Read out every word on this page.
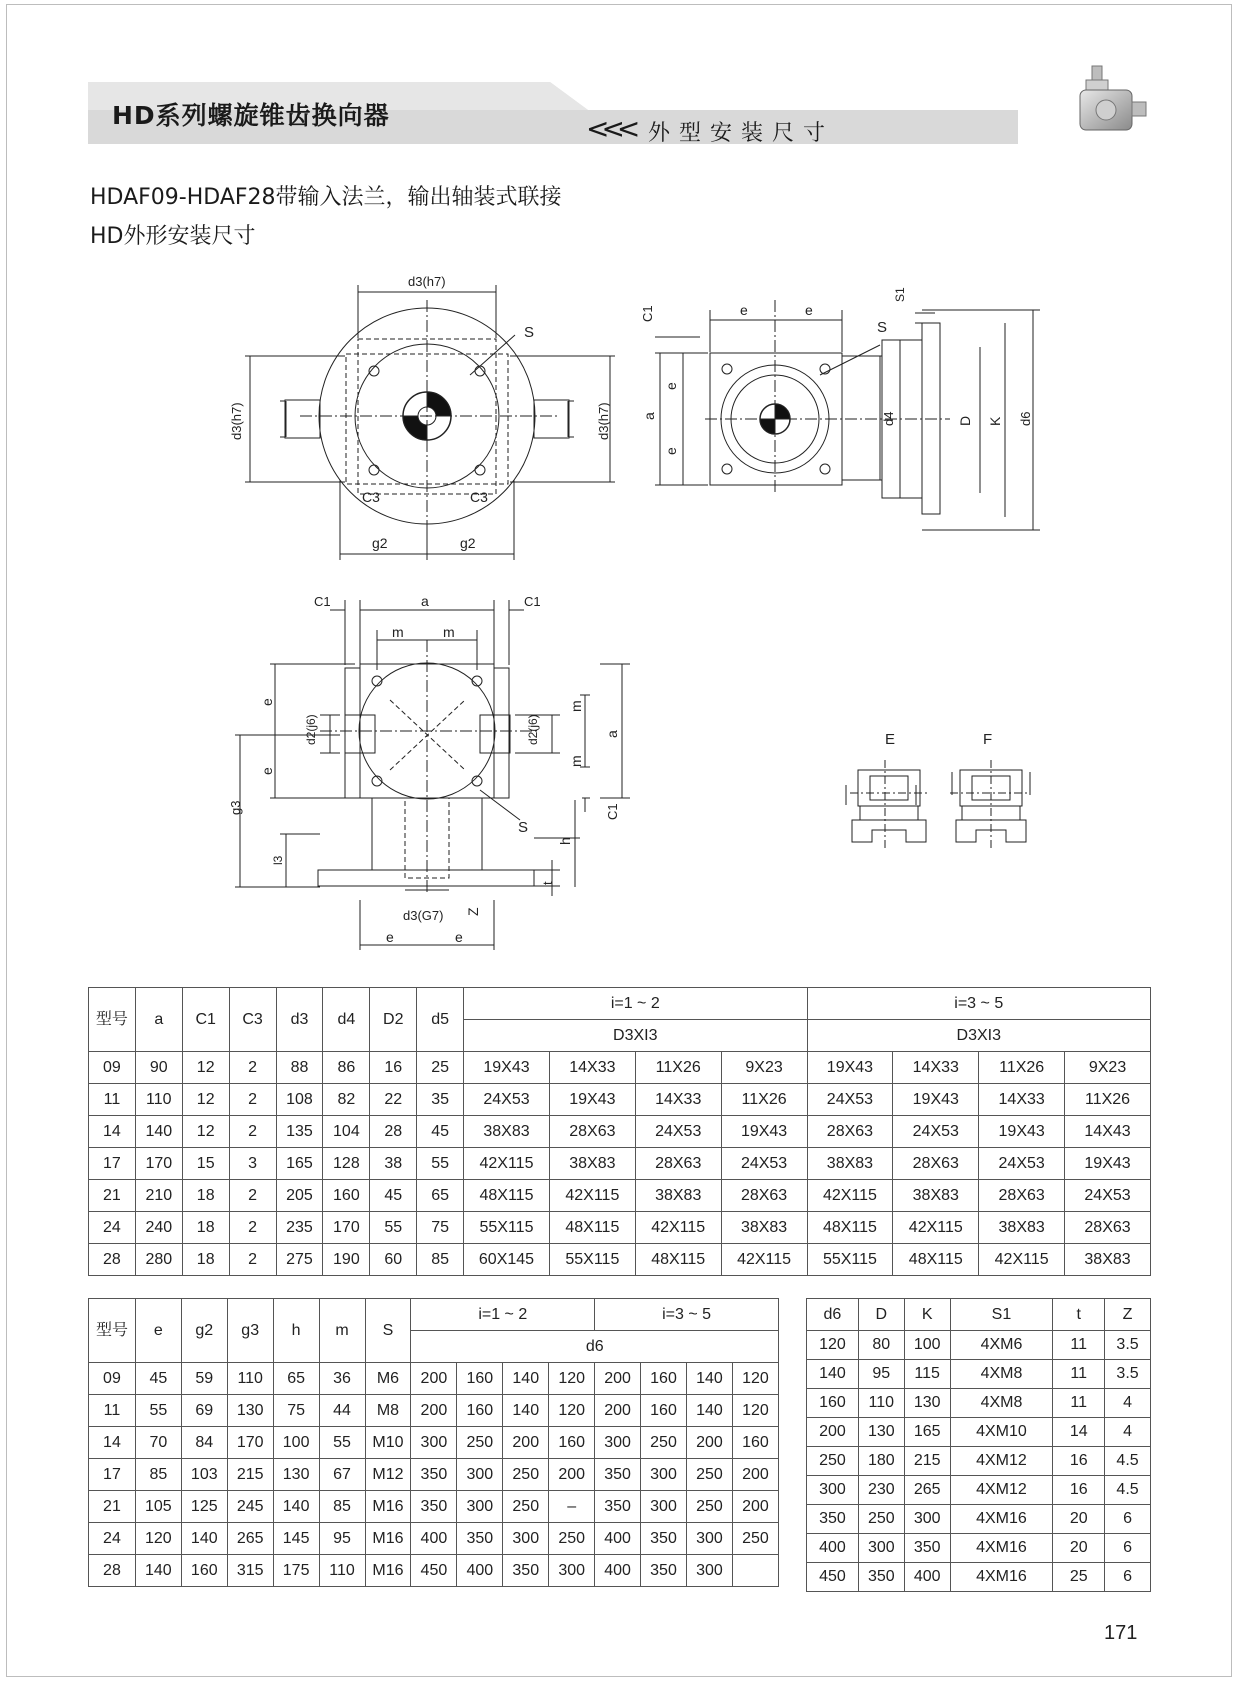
HD系列螺旋锥齿换向器	<<< 外型安装尺寸
HDAF09-HDAF28带输入法兰，输出轴装式联接
HD外形安装尺寸
d3(h7)
S
C3	C3
g2	g2
d3(h7)	d3(h7)
e	e
C1
a
e
e
d4	D K d6
S1
S
C1	a	C1
m	m
e
e
d2(j6)	d2(j6)
m
m
a
C1
g3
l3
h
t
S
d3(G7) Z
e	e
E	F
型号	a	C1	C3	d3	d4	D2	d5	i=1 ~ 2				i=3 ~ 5			
								D3XI3				D3XI3			
09	90	12	2	88	86	16	25	19X43	14X33	11X26	9X23	19X43	14X33	11X26	9X23
11	110	12	2	108	82	22	35	24X53	19X43	14X33	11X26	24X53	19X43	14X33	11X26
14	140	12	2	135	104	28	45	38X83	28X63	24X53	19X43	28X63	24X53	19X43	14X43
17	170	15	3	165	128	38	55	42X115	38X83	28X63	24X53	38X83	28X63	24X53	19X43
21	210	18	2	205	160	45	65	48X115	42X115	38X83	28X63	42X115	38X83	28X63	24X53
24	240	18	2	235	170	55	75	55X115	48X115	42X115	38X83	48X115	42X115	38X83	28X63
28	280	18	2	275	190	60	85	60X145	55X115	48X115	42X115	55X115	48X115	42X115	38X83
型号	e	g2	g3	h	m	S	i=1 ~ 2				i=3 ~ 5			
							d6							
09	45	59	110	65	36	M6	200	160	140	120	200	160	140	120
11	55	69	130	75	44	M8	200	160	140	120	200	160	140	120
14	70	84	170	100	55	M10	300	250	200	160	300	250	200	160
17	85	103	215	130	67	M12	350	300	250	200	350	300	250	200
21	105	125	245	140	85	M16	350	300	250	–	350	300	250	200
24	120	140	265	145	95	M16	400	350	300	250	400	350	300	250
28	140	160	315	175	110	M16	450	400	350	300	400	350	300	
d6	D	K	S1	t	Z
120	80	100	4XM6	11	3.5
140	95	115	4XM8	11	3.5
160	110	130	4XM8	11	4
200	130	165	4XM10	14	4
250	180	215	4XM12	16	4.5
300	230	265	4XM12	16	4.5
350	250	300	4XM16	20	6
400	300	350	4XM16	20	6
450	350	400	4XM16	25	6
171
